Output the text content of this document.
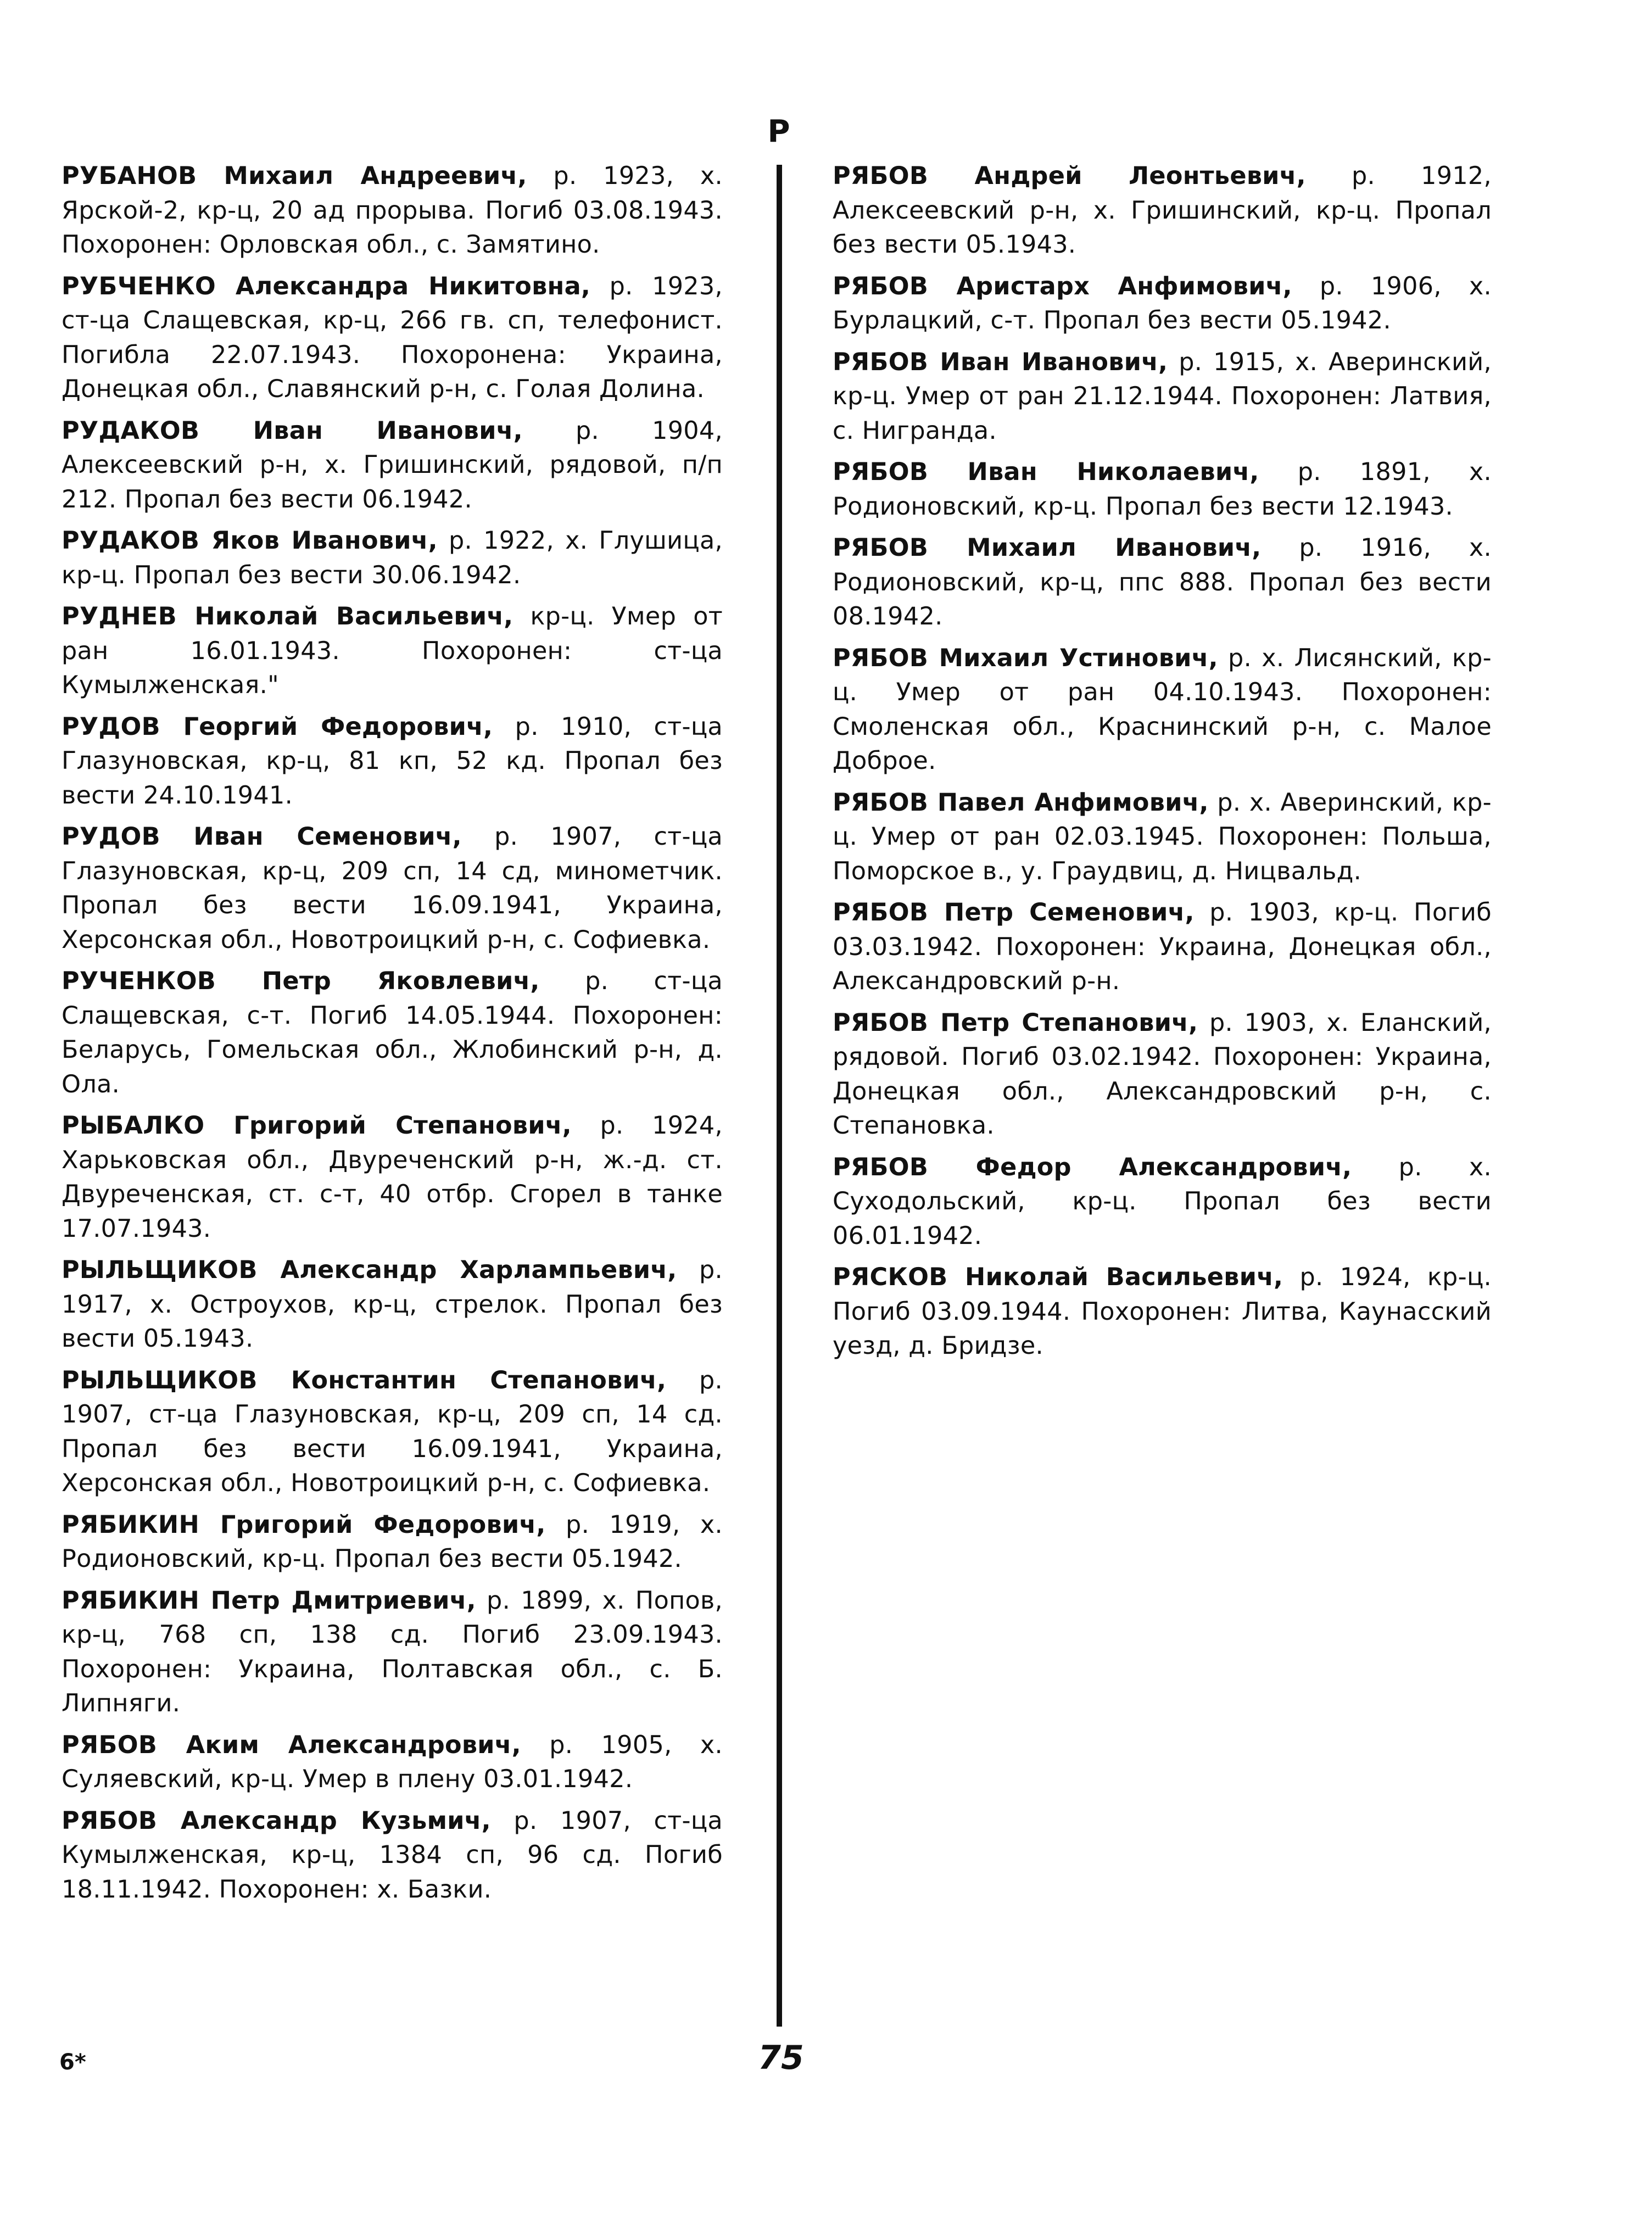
Р

РУБАНОВ Михаил Андреевич, р. 1923, х. Ярской-2, кр-ц, 20 ад прорыва. Погиб 03.08.1943. Похоронен: Орловская обл., с. Замятино.

РУБЧЕНКО Александра Никитовна, р. 1923, ст-ца Слащевская, кр-ц, 266 гв. сп, телефонист. Погибла 22.07.1943. Похоронена: Украина, Донецкая обл., Славянский р-н, с. Голая Долина.

РУДАКОВ Иван Иванович, р. 1904, Алексеевский р-н, х. Гришинский, рядовой, п/п 212. Пропал без вести 06.1942.

РУДАКОВ Яков Иванович, р. 1922, х. Глушица, кр-ц. Пропал без вести 30.06.1942.

РУДНЕВ Николай Васильевич, кр-ц. Умер от ран 16.01.1943. Похоронен: ст-ца Кумылженская."

РУДОВ Георгий Федорович, р. 1910, ст-ца Глазуновская, кр-ц, 81 кп, 52 кд. Пропал без вести 24.10.1941.

РУДОВ Иван Семенович, р. 1907, ст-ца Глазуновская, кр-ц, 209 сп, 14 сд, минометчик. Пропал без вести 16.09.1941, Украина, Херсонская обл., Новотроицкий р-н, с. Софиевка.

РУЧЕНКОВ Петр Яковлевич, р. ст-ца Слащевская, с-т. Погиб 14.05.1944. Похоронен: Беларусь, Гомельская обл., Жлобинский р-н, д. Ола.

РЫБАЛКО Григорий Степанович, р. 1924, Харьковская обл., Двуреченский р-н, ж.-д. ст. Двуреченская, ст. с-т, 40 отбр. Сгорел в танке 17.07.1943.

РЫЛЬЩИКОВ Александр Харлампьевич, р. 1917, х. Остроухов, кр-ц, стрелок. Пропал без вести 05.1943.

РЫЛЬЩИКОВ Константин Степанович, р. 1907, ст-ца Глазуновская, кр-ц, 209 сп, 14 сд. Пропал без вести 16.09.1941, Украина, Херсонская обл., Новотроицкий р-н, с. Софиевка.

РЯБИКИН Григорий Федорович, р. 1919, х. Родионовский, кр-ц. Пропал без вести 05.1942.

РЯБИКИН Петр Дмитриевич, р. 1899, х. Попов, кр-ц, 768 сп, 138 сд. Погиб 23.09.1943. Похоронен: Украина, Полтавская обл., с. Б. Липняги.

РЯБОВ Аким Александрович, р. 1905, х. Суляевский, кр-ц. Умер в плену 03.01.1942.

РЯБОВ Александр Кузьмич, р. 1907, ст-ца Кумылженская, кр-ц, 1384 сп, 96 сд. Погиб 18.11.1942. Похоронен: х. Базки.

РЯБОВ Андрей Леонтьевич, р. 1912, Алексеевский р-н, х. Гришинский, кр-ц. Пропал без вести 05.1943.

РЯБОВ Аристарх Анфимович, р. 1906, х. Бурлацкий, с-т. Пропал без вести 05.1942.

РЯБОВ Иван Иванович, р. 1915, х. Аверинский, кр-ц. Умер от ран 21.12.1944. Похоронен: Латвия, с. Нигранда.

РЯБОВ Иван Николаевич, р. 1891, х. Родионовский, кр-ц. Пропал без вести 12.1943.

РЯБОВ Михаил Иванович, р. 1916, х. Родионовский, кр-ц, ппс 888. Пропал без вести 08.1942.

РЯБОВ Михаил Устинович, р. х. Лисянский, кр-ц. Умер от ран 04.10.1943. Похоронен: Смоленская обл., Краснинский р-н, с. Малое Доброе.

РЯБОВ Павел Анфимович, р. х. Аверинский, кр-ц. Умер от ран 02.03.1945. Похоронен: Польша, Поморское в., у. Граудвиц, д. Ницвальд.

РЯБОВ Петр Семенович, р. 1903, кр-ц. Погиб 03.03.1942. Похоронен: Украина, Донецкая обл., Александровский р-н.

РЯБОВ Петр Степанович, р. 1903, х. Еланский, рядовой. Погиб 03.02.1942. Похоронен: Украина, Донецкая обл., Александровский р-н, с. Степановка.

РЯБОВ Федор Александрович, р. х. Суходольский, кр-ц. Пропал без вести 06.01.1942.

РЯСКОВ Николай Васильевич, р. 1924, кр-ц. Погиб 03.09.1944. Похоронен: Литва, Каунасский уезд, д. Бридзе.

6*	75
